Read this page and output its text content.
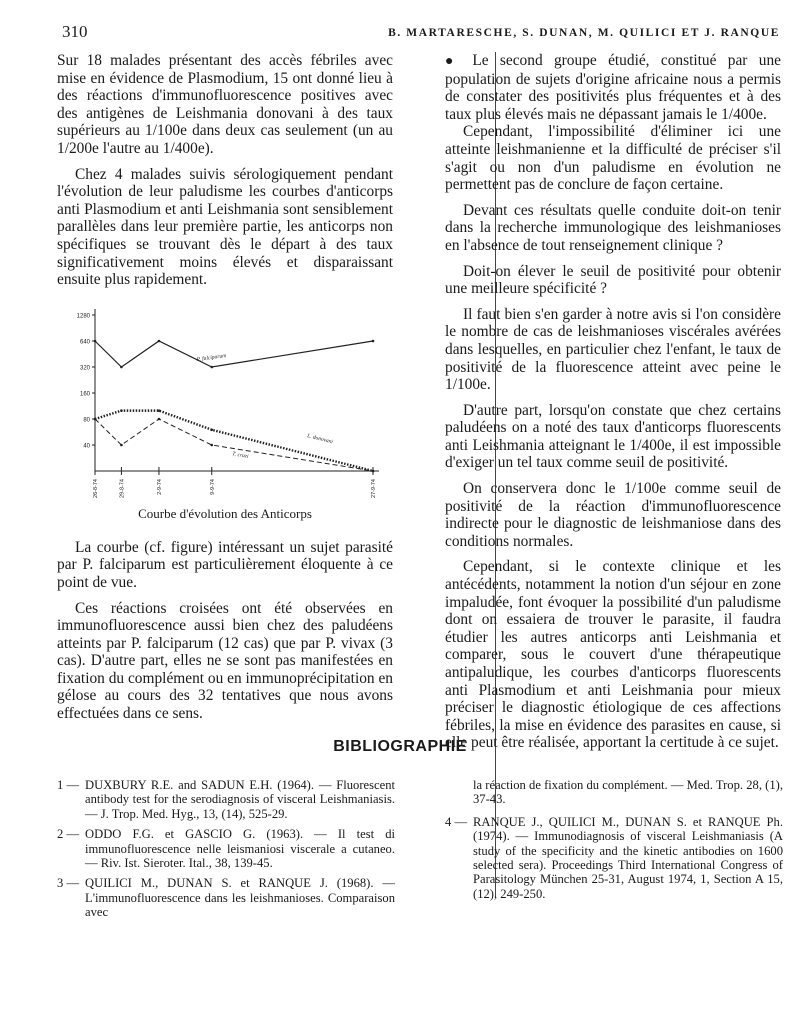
310	B. MARTARESCHE, S. DUNAN, M. QUILICI ET J. RANQUE

Sur 18 malades présentant des accès fébriles avec mise en évidence de Plasmodium, 15 ont donné lieu à des réactions d'immunofluorescence positives avec des antigènes de Leishmania donovani à des taux supérieurs au 1/100e dans deux cas seulement (un au 1/200e l'autre au 1/400e).

Chez 4 malades suivis sérologiquement pendant l'évolution de leur paludisme les courbes d'anticorps anti Plasmodium et anti Leishmania sont sensiblement parallèles dans leur première partie, les anticorps non spécifiques se trouvant dès le départ à des taux significativement moins élevés et disparaissant ensuite plus rapidement.

1280
640
320
160
80
40
26-8-74	29-8-74	2-9-74	9-9-74	27-9-74
P. falciparum
L. donovani
T. cruzi
Courbe d'évolution des Anticorps

La courbe (cf. figure) intéressant un sujet parasité par P. falciparum est particulièrement éloquente à ce point de vue.

Ces réactions croisées ont été observées en immunofluorescence aussi bien chez des paludéens atteints par P. falciparum (12 cas) que par P. vivax (3 cas). D'autre part, elles ne se sont pas manifestées en fixation du complément ou en immunoprécipitation en gélose au cours des 32 tentatives que nous avons effectuées dans ce sens.

● Le second groupe étudié, constitué par une population de sujets d'origine africaine nous a permis de constater des positivités plus fréquentes et à des taux plus élevés mais ne dépassant jamais le 1/400e.

Cependant, l'impossibilité d'éliminer ici une atteinte leishmanienne et la difficulté de préciser s'il s'agit ou non d'un paludisme en évolution ne permettent pas de conclure de façon certaine.

Devant ces résultats quelle conduite doit-on tenir dans la recherche immunologique des leishmanioses en l'absence de tout renseignement clinique ?

Doit-on élever le seuil de positivité pour obtenir une meilleure spécificité ?

Il faut bien s'en garder à notre avis si l'on considère le nombre de cas de leishmanioses viscérales avérées dans lesquelles, en particulier chez l'enfant, le taux de positivité de la fluorescence atteint avec peine le 1/100e.

D'autre part, lorsqu'on constate que chez certains paludéens on a noté des taux d'anticorps fluorescents anti Leishmania atteignant le 1/400e, il est impossible d'exiger un tel taux comme seuil de positivité.

On conservera donc le 1/100e comme seuil de positivité de la réaction d'immunofluorescence indirecte pour le diagnostic de leishmaniose dans des conditions normales.

Cependant, si le contexte clinique et les antécédents, notamment la notion d'un séjour en zone impaludée, font évoquer la possibilité d'un paludisme dont on essaiera de trouver le parasite, il faudra étudier les autres anticorps anti Leishmania et comparer, sous le couvert d'une thérapeutique antipaludique, les courbes d'anticorps fluorescents anti Plasmodium et anti Leishmania pour mieux préciser le diagnostic étiologique de ces affections fébriles, la mise en évidence des parasites en cause, si elle peut être réalisée, apportant la certitude à ce sujet.

BIBLIOGRAPHIE
1 — DUXBURY R.E. and SADUN E.H. (1964). — Fluorescent antibody test for the serodiagnosis of visceral Leishmaniasis. — J. Trop. Med. Hyg., 13, (14), 525-29.
2 — ODDO F.G. et GASCIO G. (1963). — Il test di immunofluorescence nelle leismaniosi viscerale a cutaneo. — Riv. Ist. Sieroter. Ital., 38, 139-45.
3 — QUILICI M., DUNAN S. et RANQUE J. (1968). — L'immunofluorescence dans les leishmanioses. Comparaison avec
la réaction de fixation du complément. — Med. Trop. 28, (1), 37-43.
4 — RANQUE J., QUILICI M., DUNAN S. et RANQUE Ph. (1974). — Immunodiagnosis of visceral Leishmaniasis (A study of the specificity and the kinetic antibodies on 1600 selected sera). Proceedings Third International Congress of Parasitology München 25-31, August 1974, 1, Section A 15, (12), 249-250.
